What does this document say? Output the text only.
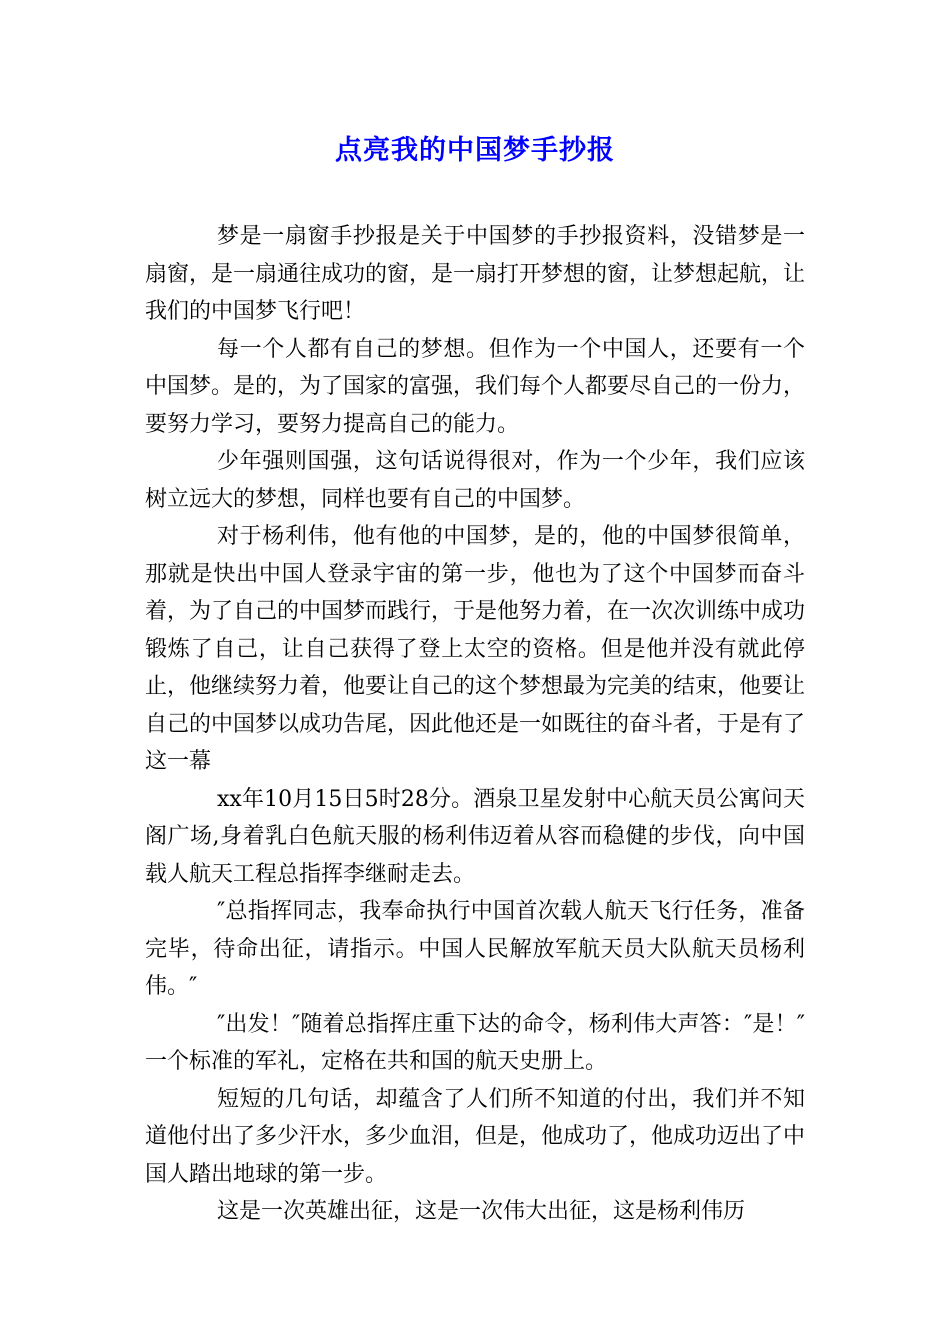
点亮我的中国梦手抄报

梦是一扇窗手抄报是关于中国梦的手抄报资料，没错梦是一扇窗，是一扇通往成功的窗，是一扇打开梦想的窗，让梦想起航，让我们的中国梦飞行吧！

每一个人都有自己的梦想。但作为一个中国人，还要有一个中国梦。是的，为了国家的富强，我们每个人都要尽自己的一份力，要努力学习，要努力提高自己的能力。

少年强则国强，这句话说得很对，作为一个少年，我们应该树立远大的梦想，同样也要有自己的中国梦。

对于杨利伟，他有他的中国梦，是的，他的中国梦很简单，那就是快出中国人登录宇宙的第一步，他也为了这个中国梦而奋斗着，为了自己的中国梦而践行，于是他努力着，在一次次训练中成功锻炼了自己，让自己获得了登上太空的资格。但是他并没有就此停止，他继续努力着，他要让自己的这个梦想最为完美的结束，他要让自己的中国梦以成功告尾，因此他还是一如既往的奋斗者，于是有了这一幕

xx年10月15日5时28分。酒泉卫星发射中心航天员公寓问天阁广场,身着乳白色航天服的杨利伟迈着从容而稳健的步伐，向中国载人航天工程总指挥李继耐走去。

″总指挥同志，我奉命执行中国首次载人航天飞行任务，准备完毕，待命出征，请指示。中国人民解放军航天员大队航天员杨利伟。″

″出发！″随着总指挥庄重下达的命令，杨利伟大声答：″是！″一个标准的军礼，定格在共和国的航天史册上。

短短的几句话，却蕴含了人们所不知道的付出，我们并不知道他付出了多少汗水，多少血泪，但是，他成功了，他成功迈出了中国人踏出地球的第一步。

这是一次英雄出征，这是一次伟大出征，这是杨利伟历
